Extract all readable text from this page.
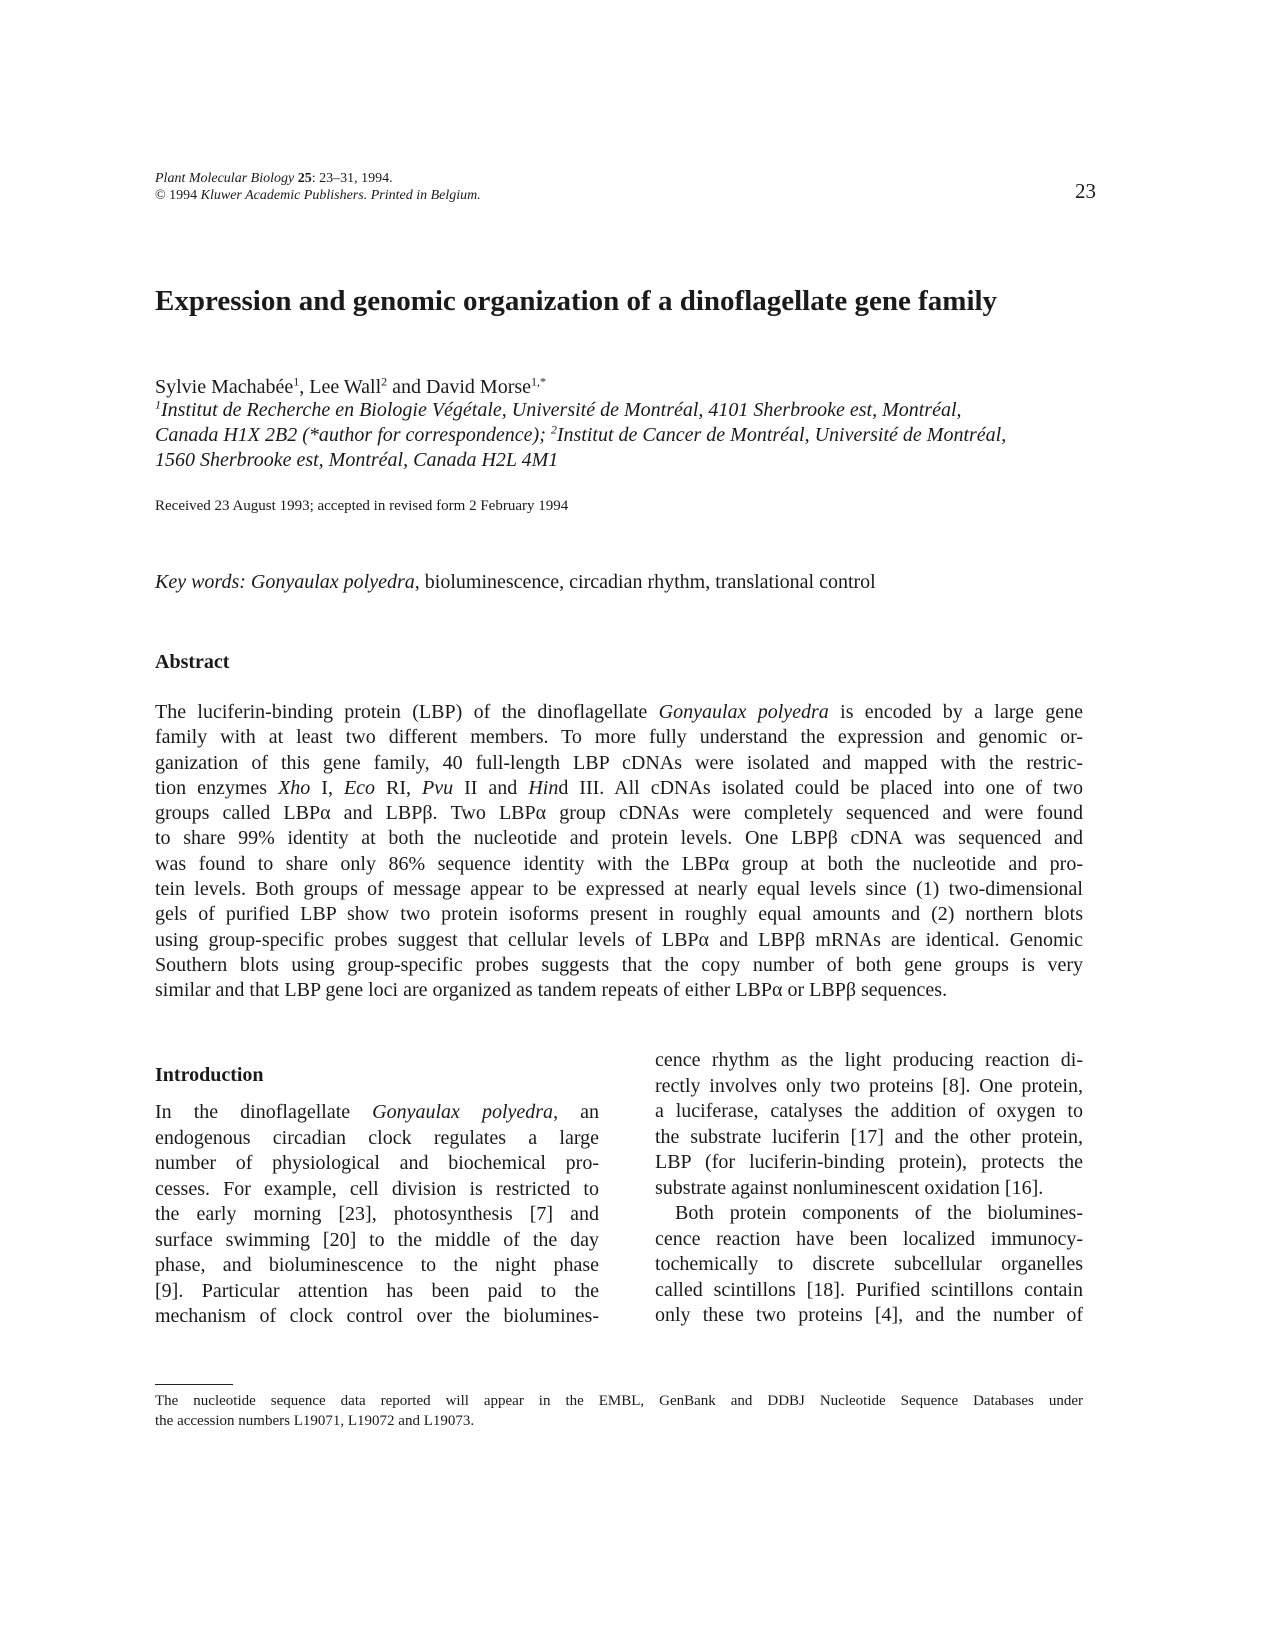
Plant Molecular Biology 25: 23–31, 1994.
© 1994 Kluwer Academic Publishers. Printed in Belgium.	23
Expression and genomic organization of a dinoflagellate gene family
Sylvie Machabée$^1$, Lee Wall$^2$ and David Morse$^{1,*}$
$^1$Institut de Recherche en Biologie Végétale, Université de Montréal, 4101 Sherbrooke est, Montréal,
Canada H1X 2B2 (*author for correspondence); $^2$Institut de Cancer de Montréal, Université de Montréal,
1560 Sherbrooke est, Montréal, Canada H2L 4M1
Received 23 August 1993; accepted in revised form 2 February 1994
Key words: Gonyaulax polyedra, bioluminescence, circadian rhythm, translational control
Abstract
The luciferin-binding protein (LBP) of the dinoflagellate Gonyaulax polyedra is encoded by a large gene
family with at least two different members. To more fully understand the expression and genomic or-
ganization of this gene family, 40 full-length LBP cDNAs were isolated and mapped with the restric-
tion enzymes Xho I, Eco RI, Pvu II and Hind III. All cDNAs isolated could be placed into one of two
groups called LBPα and LBPβ. Two LBPα group cDNAs were completely sequenced and were found
to share 99% identity at both the nucleotide and protein levels. One LBPβ cDNA was sequenced and
was found to share only 86% sequence identity with the LBPα group at both the nucleotide and pro-
tein levels. Both groups of message appear to be expressed at nearly equal levels since (1) two-dimensional
gels of purified LBP show two protein isoforms present in roughly equal amounts and (2) northern blots
using group-specific probes suggest that cellular levels of LBPα and LBPβ mRNAs are identical. Genomic
Southern blots using group-specific probes suggests that the copy number of both gene groups is very
similar and that LBP gene loci are organized as tandem repeats of either LBPα or LBPβ sequences.
Introduction
In the dinoflagellate Gonyaulax polyedra, an
endogenous circadian clock regulates a large
number of physiological and biochemical pro-
cesses. For example, cell division is restricted to
the early morning [23], photosynthesis [7] and
surface swimming [20] to the middle of the day
phase, and bioluminescence to the night phase
[9]. Particular attention has been paid to the
mechanism of clock control over the biolumines-
cence rhythm as the light producing reaction di-
rectly involves only two proteins [8]. One protein,
a luciferase, catalyses the addition of oxygen to
the substrate luciferin [17] and the other protein,
LBP (for luciferin-binding protein), protects the
substrate against nonluminescent oxidation [16].
Both protein components of the biolumines-
cence reaction have been localized immunocy-
tochemically to discrete subcellular organelles
called scintillons [18]. Purified scintillons contain
only these two proteins [4], and the number of
The nucleotide sequence data reported will appear in the EMBL, GenBank and DDBJ Nucleotide Sequence Databases under
the accession numbers L19071, L19072 and L19073.
